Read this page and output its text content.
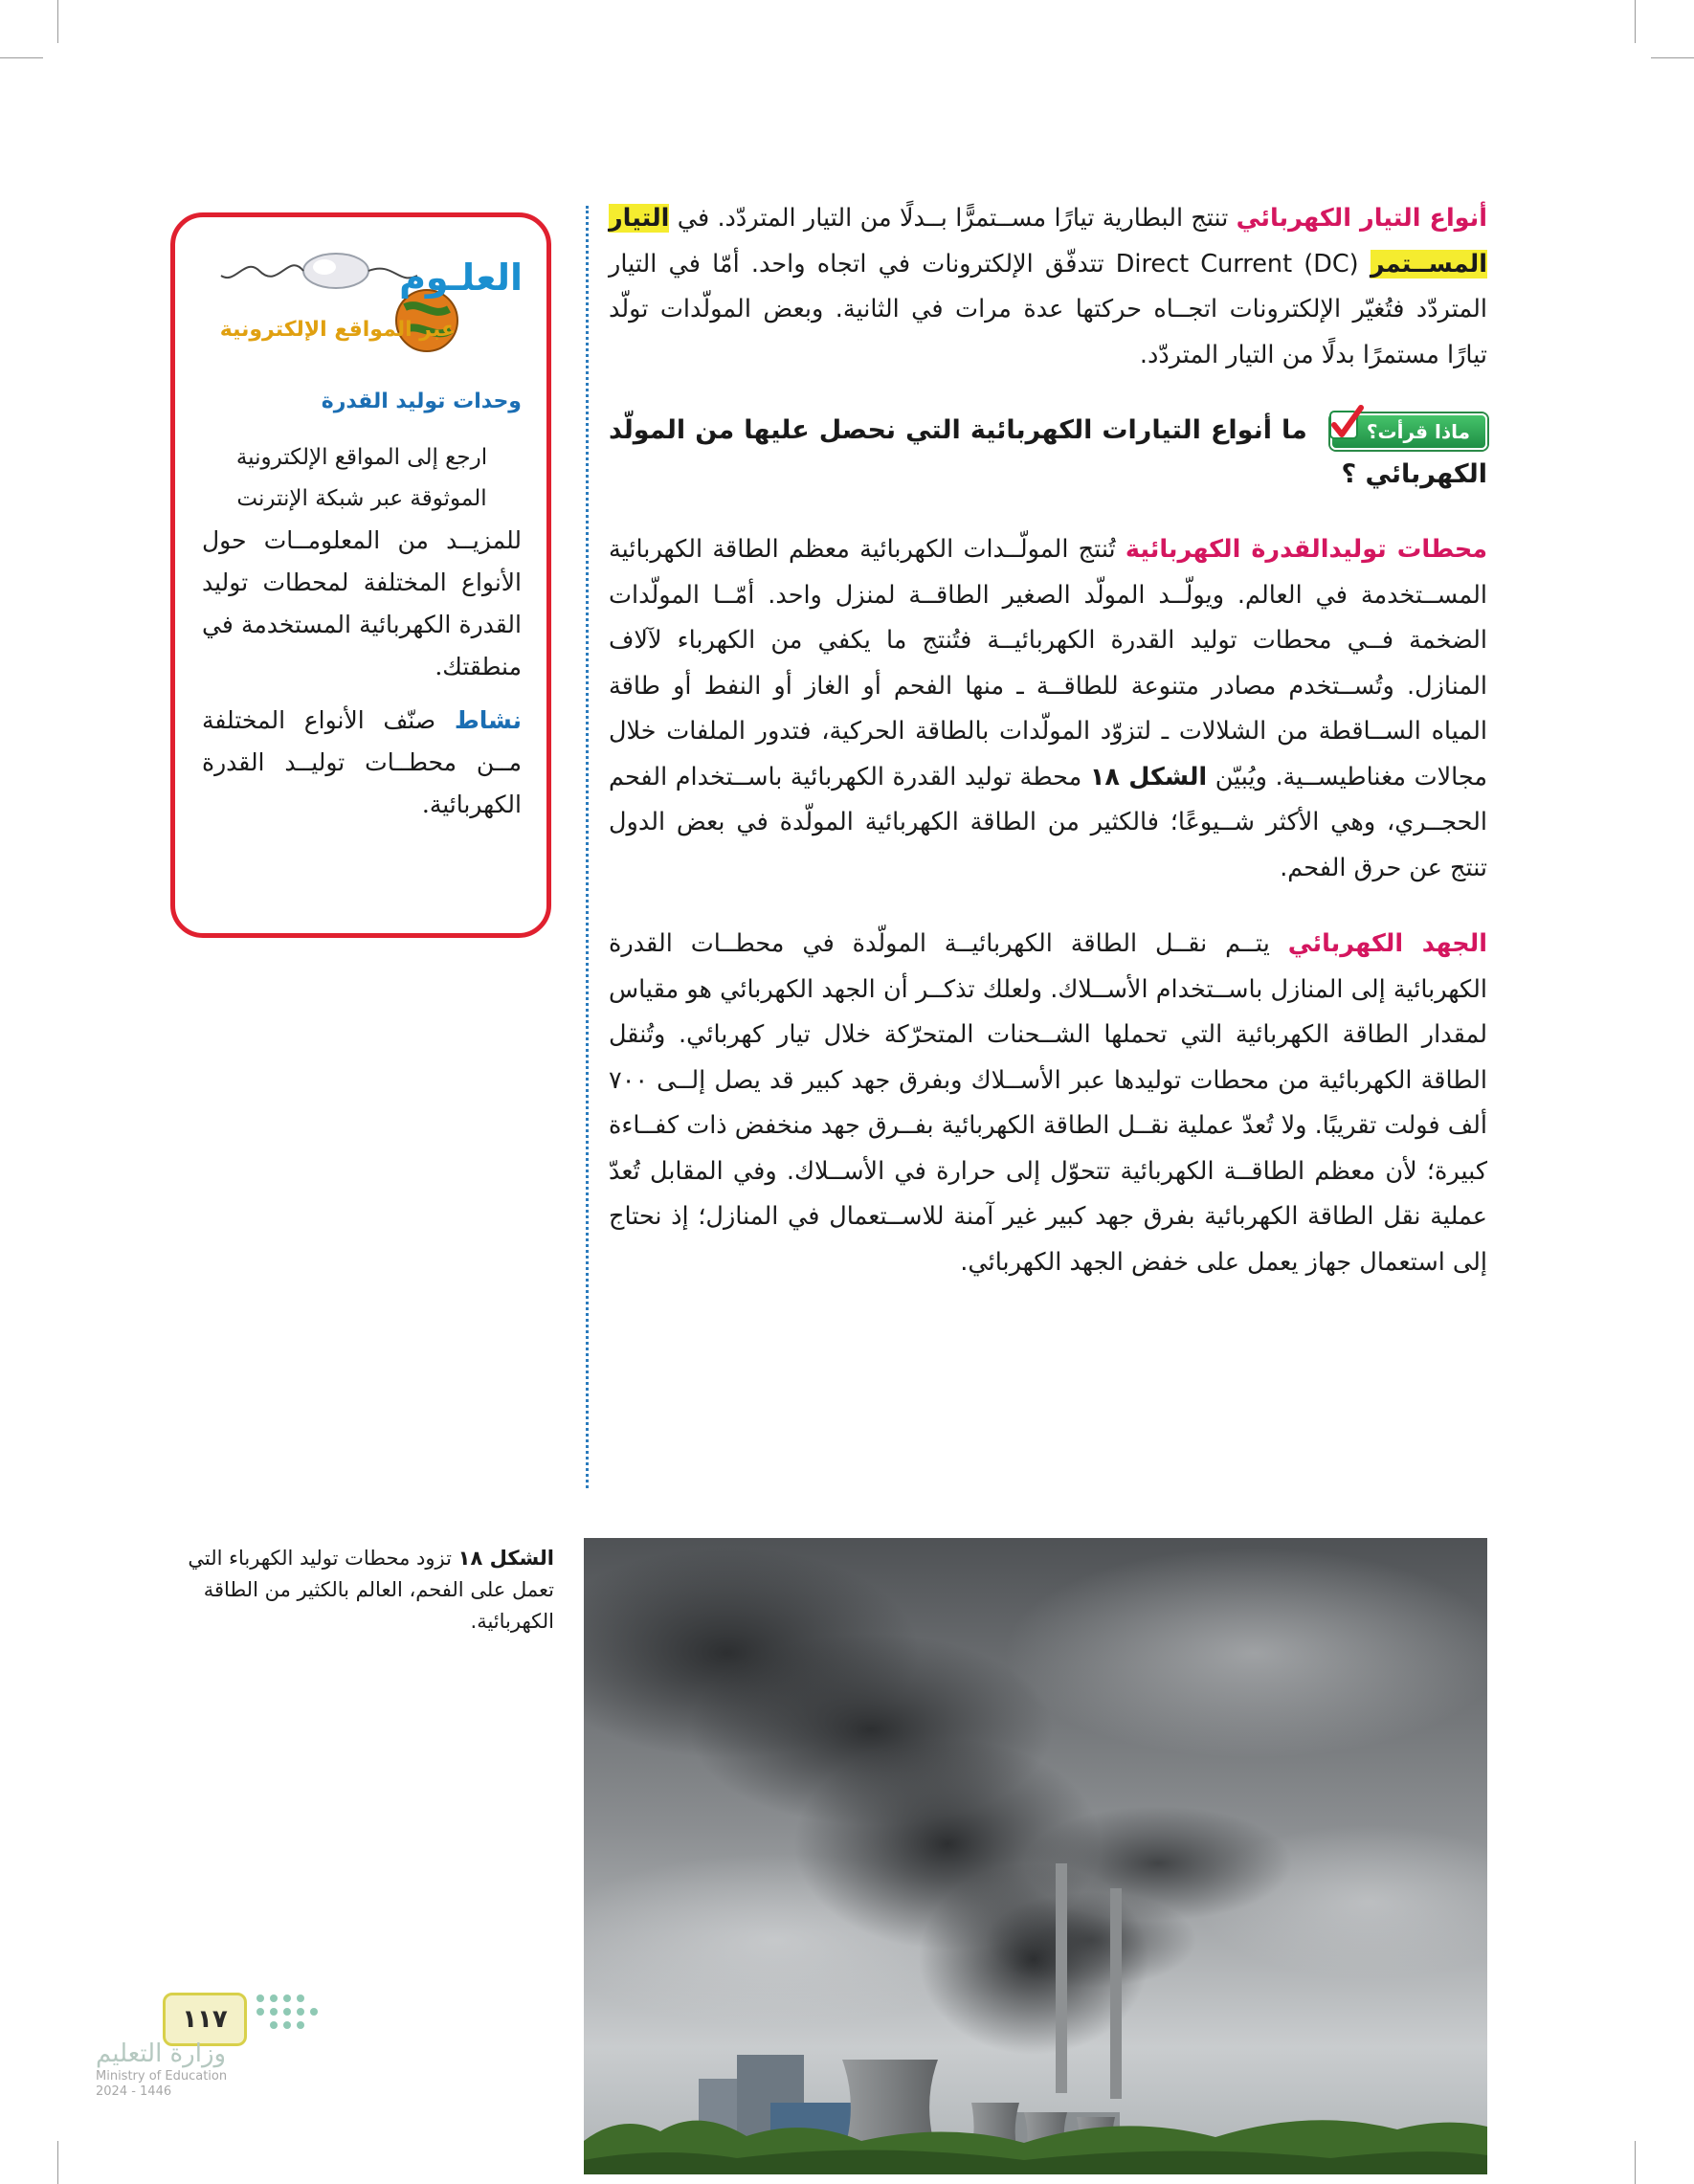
أنواع التيار الكهربائي تنتج البطارية تيارًا مســتمرًّا بــدلًا من التيار المتردّد. في التيار المســتمر (Direct Current (DC تتدفّق الإلكترونات في اتجاه واحد. أمّا في التيار المتردّد فتُغيّر الإلكترونات اتجــاه حركتها عدة مرات في الثانية. وبعض المولّدات تولّد تيارًا مستمرًا بدلًا من التيار المتردّد.

ماذا قرأت؟ ما أنواع التيارات الكهربائية التي نحصل عليها من المولّد الكهربائي ؟

محطات توليدالقدرة الكهربائية تُنتج المولّــدات الكهربائية معظم الطاقة الكهربائية المســتخدمة في العالم. ويولّــد المولّد الصغير الطاقــة لمنزل واحد. أمّــا المولّدات الضخمة فــي محطات توليد القدرة الكهربائيــة فتُنتج ما يكفي من الكهرباء لآلاف المنازل. وتُســتخدم مصادر متنوعة للطاقــة ـ منها الفحم أو الغاز أو النفط أو طاقة المياه الســاقطة من الشلالات ـ لتزوّد المولّدات بالطاقة الحركية، فتدور الملفات خلال مجالات مغناطيســية. ويُبيّن الشكل ١٨ محطة توليد القدرة الكهربائية باســتخدام الفحم الحجــري، وهي الأكثر شــيوعًا؛ فالكثير من الطاقة الكهربائية المولّدة في بعض الدول تنتج عن حرق الفحم.

الجهد الكهربائي يتــم نقــل الطاقة الكهربائيــة المولّدة في محطــات القدرة الكهربائية إلى المنازل باســتخدام الأســلاك. ولعلك تذكــر أن الجهد الكهربائي هو مقياس لمقدار الطاقة الكهربائية التي تحملها الشــحنات المتحرّكة خلال تيار كهربائي. وتُنقل الطاقة الكهربائية من محطات توليدها عبر الأســلاك وبفرق جهد كبير قد يصل إلــى ٧٠٠ ألف فولت تقريبًا. ولا تُعدّ عملية نقــل الطاقة الكهربائية بفــرق جهد منخفض ذات كفــاءة كبيرة؛ لأن معظم الطاقــة الكهربائية تتحوّل إلى حرارة في الأســلاك. وفي المقابل تُعدّ عملية نقل الطاقة الكهربائية بفرق جهد كبير غير آمنة للاســتعمال في المنازل؛ إذ نحتاج إلى استعمال جهاز يعمل على خفض الجهد الكهربائي.

العلـوم
عبر المواقع الإلكترونية
وحدات توليد القدرة

ارجع إلى المواقع الإلكترونية الموثوقة عبر شبكة الإنترنت

للمزيــد من المعلومــات حول الأنواع المختلفة لمحطات توليد القدرة الكهربائية المستخدمة في منطقتك.

نشاط صنّف الأنواع المختلفة مــن محطــات توليــد القدرة الكهربائية.

الشكل ١٨ تزود محطات توليد الكهرباء التي تعمل على الفحم، العالم بالكثير من الطاقة الكهربائية.
١١٧
وزارة التعليم
Ministry of Education
2024 - 1446
